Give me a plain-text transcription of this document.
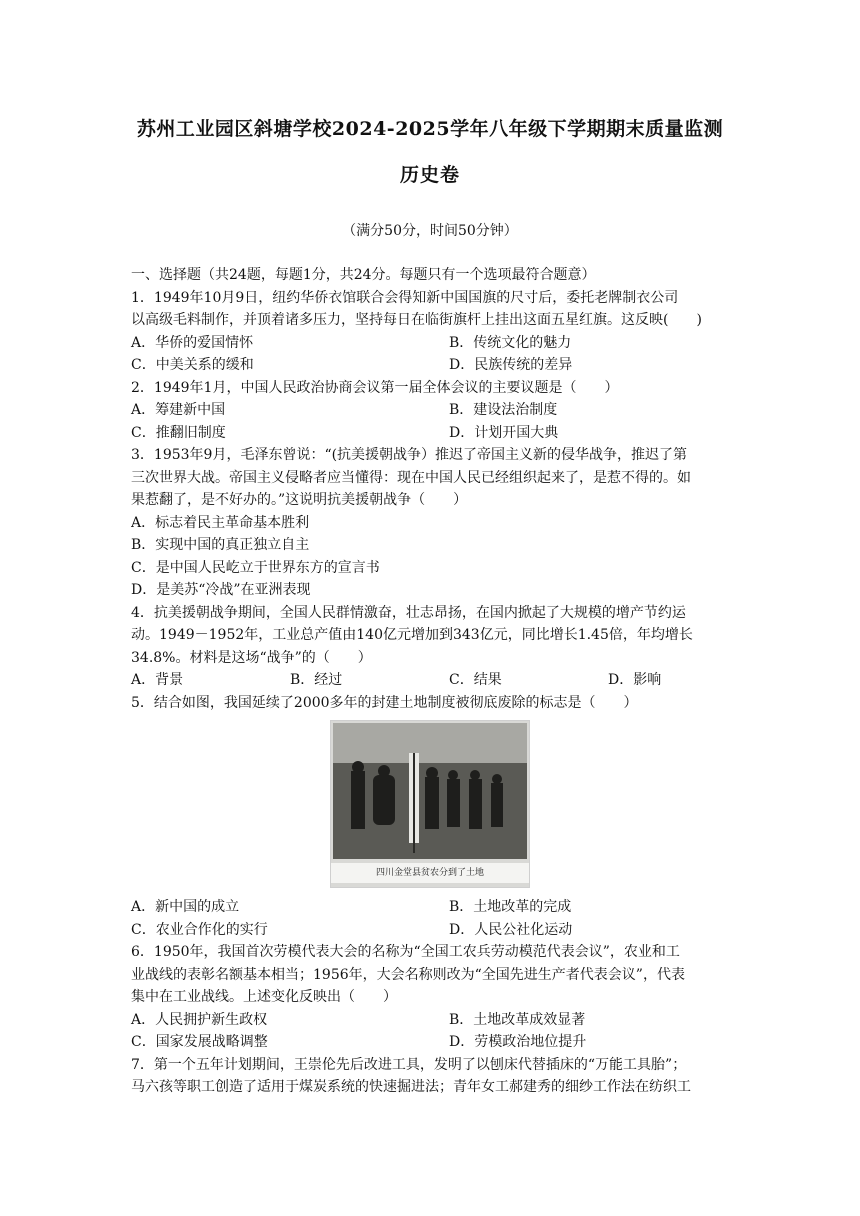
苏州工业园区斜塘学校2024-2025学年八年级下学期期末质量监测
历史卷
（满分50分，时间50分钟）
一、选择题（共24题，每题1分，共24分。每题只有一个选项最符合题意）
1．1949年10月9日，纽约华侨衣馆联合会得知新中国国旗的尺寸后，委托老牌制衣公司
以高级毛料制作，并顶着诸多压力，坚持每日在临街旗杆上挂出这面五星红旗。这反映(　　)
A．华侨的爱国情怀	B．传统文化的魅力
C．中美关系的缓和	D．民族传统的差异
2．1949年1月，中国人民政治协商会议第一届全体会议的主要议题是（　　）
A．筹建新中国	B．建设法治制度
C．推翻旧制度	D．计划开国大典
3．1953年9月，毛泽东曾说：“(抗美援朝战争）推迟了帝国主义新的侵华战争，推迟了第
三次世界大战。帝国主义侵略者应当懂得：现在中国人民已经组织起来了，是惹不得的。如
果惹翻了，是不好办的。”这说明抗美援朝战争（　　）
A．标志着民主革命基本胜利
B．实现中国的真正独立自主
C．是中国人民屹立于世界东方的宣言书
D．是美苏“冷战”在亚洲表现
4．抗美援朝战争期间，全国人民群情激奋，壮志昂扬，在国内掀起了大规模的增产节约运
动。1949－1952年，工业总产值由140亿元增加到343亿元，同比增长1.45倍，年均增长
34.8%。材料是这场“战争”的（　　）
A．背景	B．经过	C．结果	D．影响
5．结合如图，我国延续了2000多年的封建土地制度被彻底废除的标志是（　　）
四川金堂县贫农分到了土地
A．新中国的成立	B．土地改革的完成
C．农业合作化的实行	D．人民公社化运动
6．1950年，我国首次劳模代表大会的名称为“全国工农兵劳动模范代表会议”，农业和工
业战线的表彰名额基本相当；1956年，大会名称则改为“全国先进生产者代表会议”，代表
集中在工业战线。上述变化反映出（　　）
A．人民拥护新生政权	B．土地改革成效显著
C．国家发展战略调整	D．劳模政治地位提升
7．第一个五年计划期间，王崇伦先后改进工具，发明了以刨床代替插床的“万能工具胎”；
马六孩等职工创造了适用于煤炭系统的快速掘进法；青年女工郝建秀的细纱工作法在纺织工
